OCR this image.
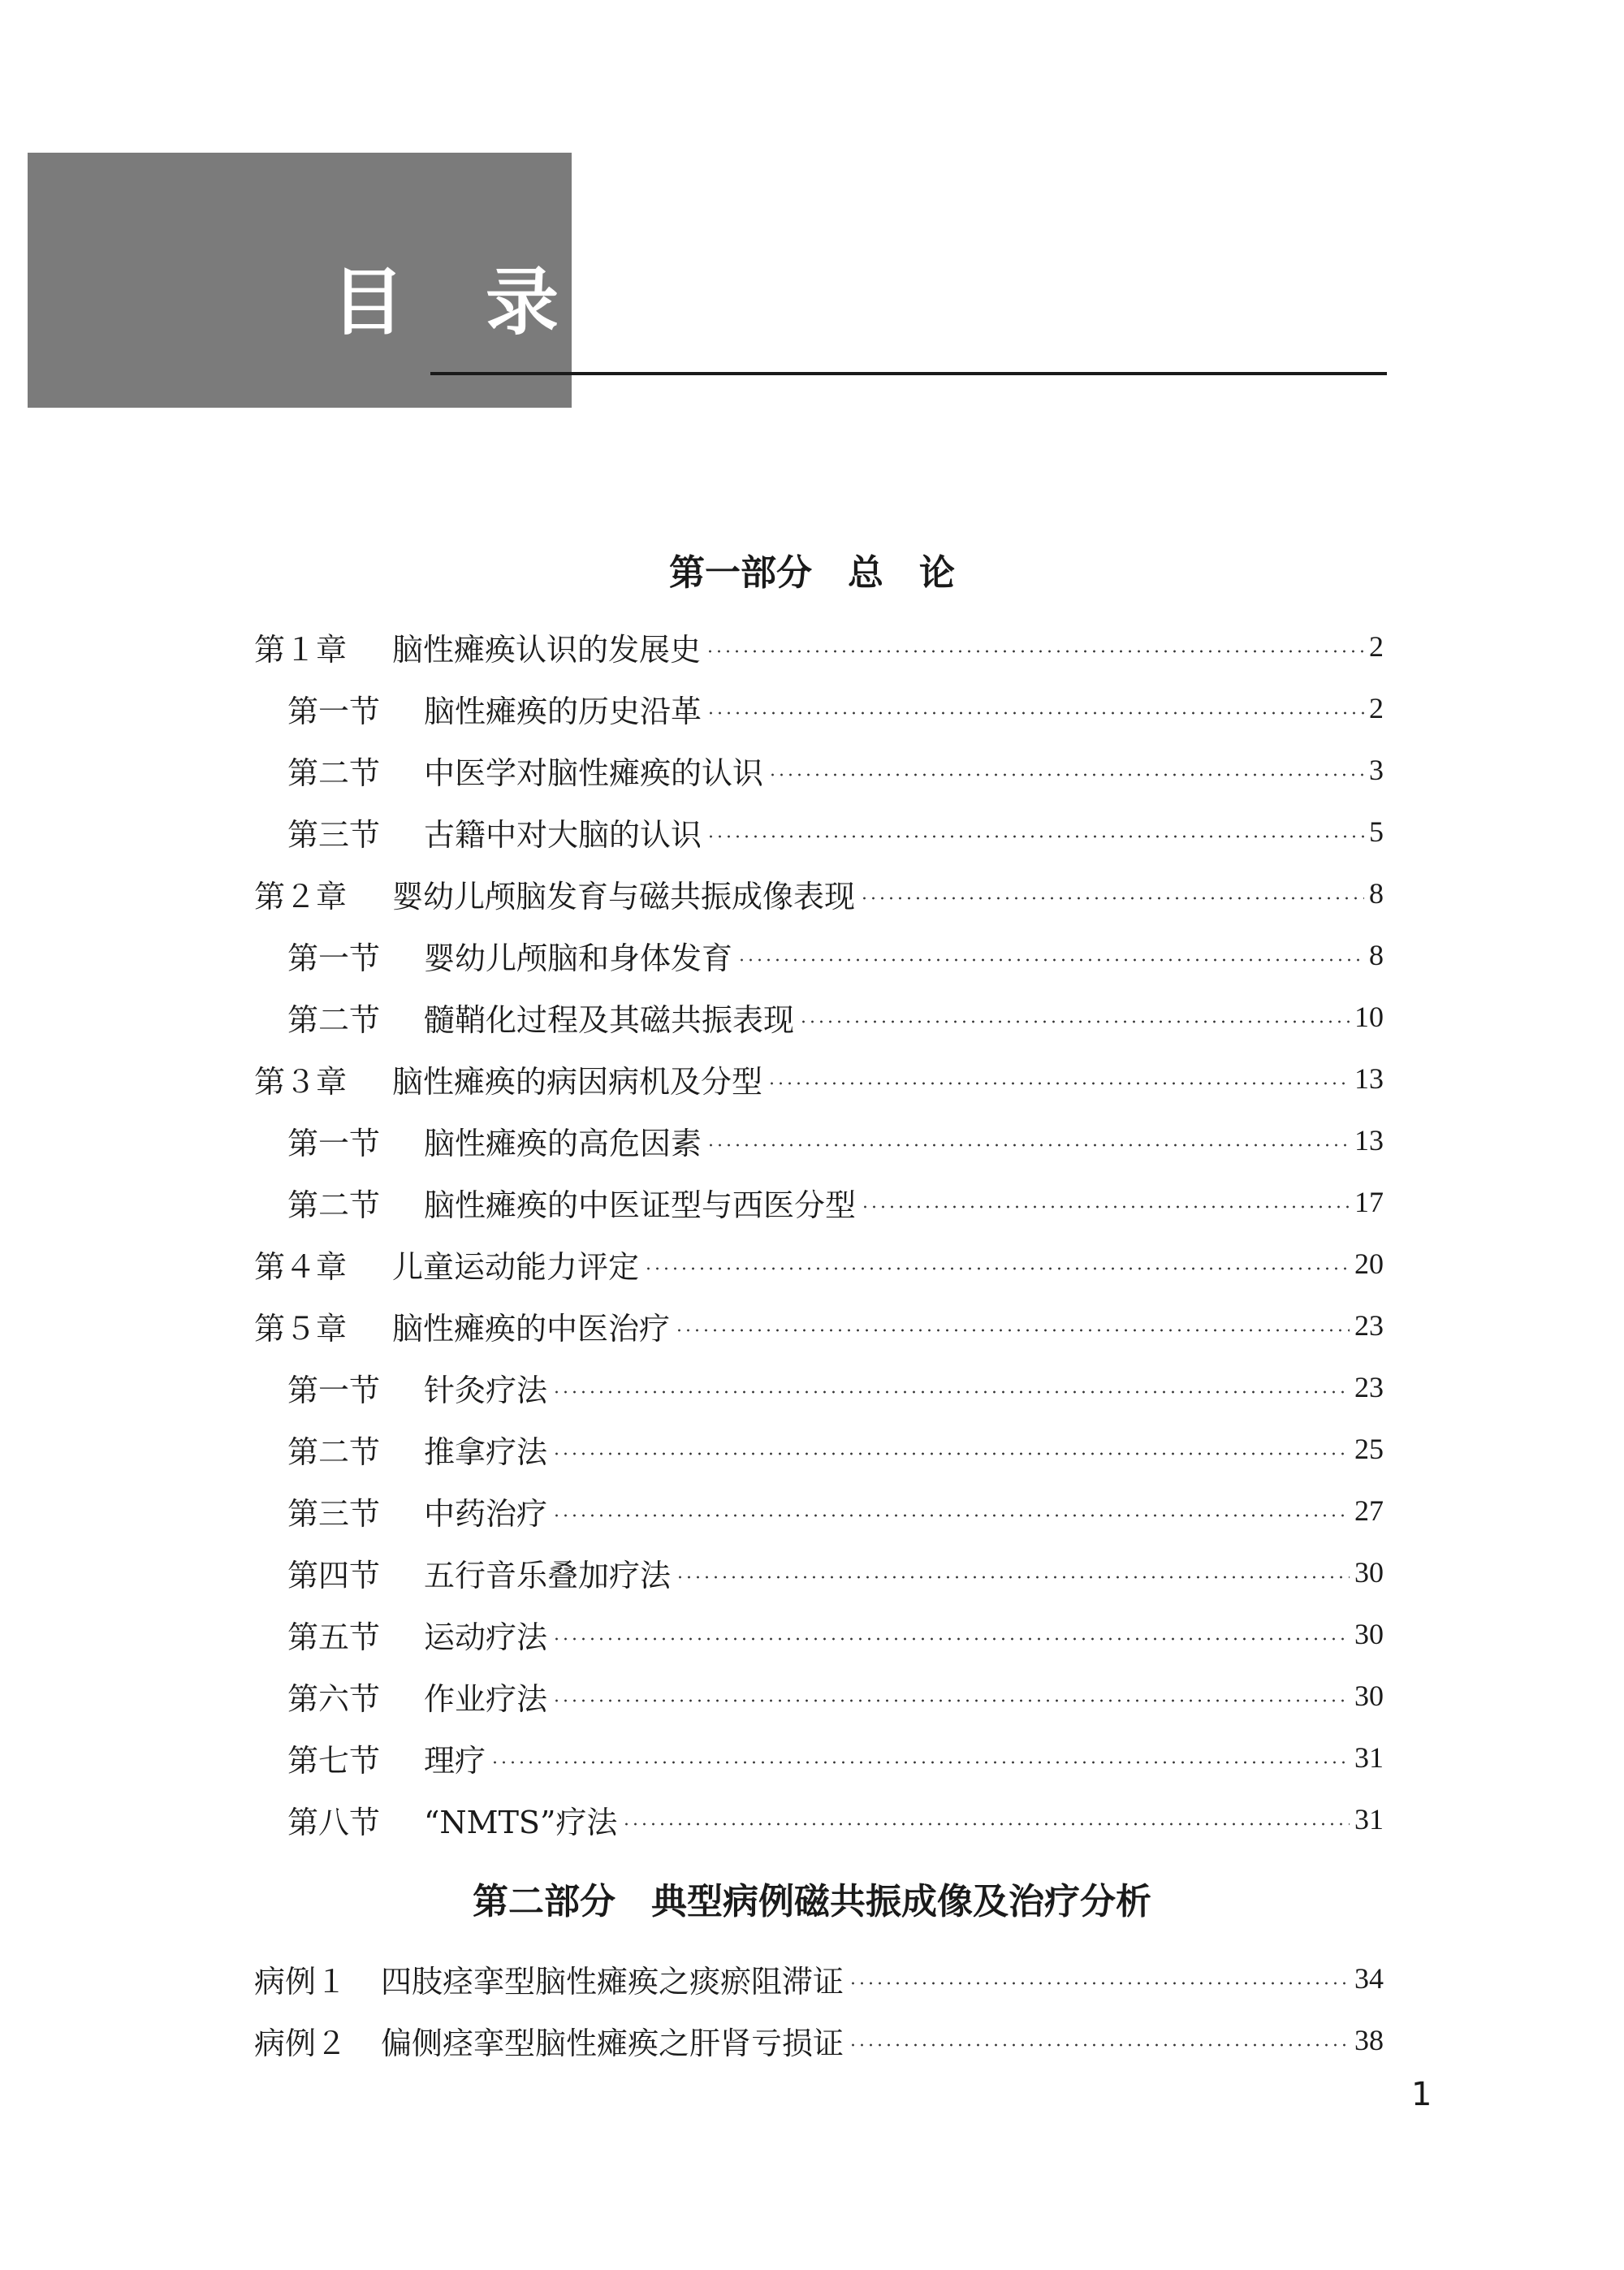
目录
第一部分　总　论
第１章	脑性瘫痪认识的发展史	2
第一节	脑性瘫痪的历史沿革	2
第二节	中医学对脑性瘫痪的认识	3
第三节	古籍中对大脑的认识	5
第２章	婴幼儿颅脑发育与磁共振成像表现	8
第一节	婴幼儿颅脑和身体发育	8
第二节	髓鞘化过程及其磁共振表现	10
第３章	脑性瘫痪的病因病机及分型	13
第一节	脑性瘫痪的高危因素	13
第二节	脑性瘫痪的中医证型与西医分型	17
第４章	儿童运动能力评定	20
第５章	脑性瘫痪的中医治疗	23
第一节	针灸疗法	23
第二节	推拿疗法	25
第三节	中药治疗	27
第四节	五行音乐叠加疗法	30
第五节	运动疗法	30
第六节	作业疗法	30
第七节	理疗	31
第八节	“NMTS”疗法	31
第二部分　典型病例磁共振成像及治疗分析
病例１	四肢痉挛型脑性瘫痪之痰瘀阻滞证	34
病例２	偏侧痉挛型脑性瘫痪之肝肾亏损证	38
1
